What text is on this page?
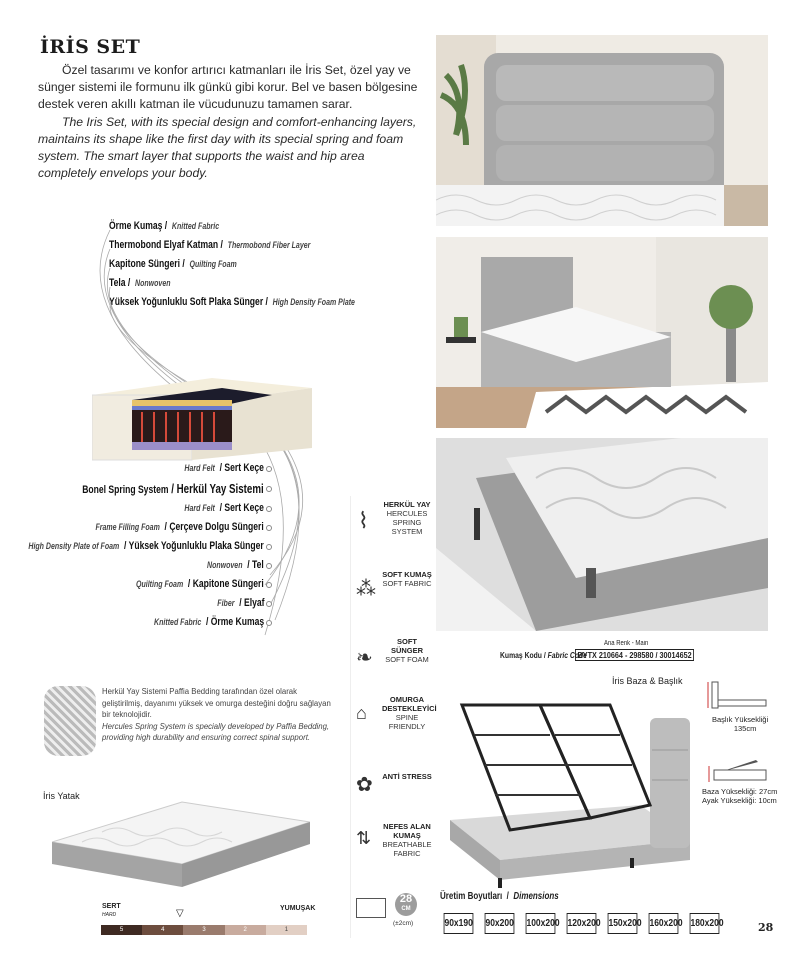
İRİS SET

Özel tasarımı ve konfor artırıcı katmanları ile İris Set, özel yay ve sünger sistemi ile formunu ilk günkü gibi korur. Bel ve basen bölgesine destek veren akıllı katman ile vücudunuzu tamamen sarar.

The Iris Set, with its special design and comfort-enhancing layers, maintains its shape like the first day with its special spring and foam system. The smart layer that supports the waist and hip area completely envelops your body.

Örme Kumaş / Knitted Fabric
Thermobond Elyaf Katman / Thermobond Fiber Layer
Kapitone Süngeri / Quilting Foam
Tela / Nonwoven
Yüksek Yoğunluklu Soft Plaka Sünger / High Density Foam Plate
Hard Felt / Sert Keçe
Bonel Spring System / Herkül Yay Sistemi
Hard Felt / Sert Keçe
Frame Filling Foam / Çerçeve Dolgu Süngeri
High Density Plate of Foam / Yüksek Yoğunluklu Plaka Sünger
Nonwoven / Tel
Quilting Foam / Kapitone Süngeri
Fiber / Elyaf
Knitted Fabric / Örme Kumaş
Herkül Yay Sistemi Paffia Bedding tarafından özel olarak geliştirilmiş, dayanımı yüksek ve omurga desteğini doğru sağlayan bir teknolojidir.
Hercules Spring System is specially developed by Paffia Bedding, providing high durability and ensuring correct spinal support.
İris Yatak
SERT
HARD
YUMUŞAK
▽
5	4	3	2	1
⌇
HERKÜL YAY
HERCULES SPRING SYSTEM
⁂
SOFT KUMAŞ
SOFT FABRIC
❧
SOFT SÜNGER
SOFT FOAM
⌂
OMURGA DESTEKLEYİCİ
SPINE FRIENDLY
✿ ANTİ STRESS
⇅
NEFES ALAN KUMAŞ
BREATHABLE FABRIC
28
CM
(±2cm)
Ana Renk - Main
Kumaş Kodu / Fabric Code
BYTX 210664 - 298580 / 30014652
İris Baza & Başlık
Başlık Yüksekliği
135cm
Baza Yüksekliği: 27cm
Ayak Yüksekliği: 10cm
Üretim Boyutları  /  Dimensions
90x190 90x200 100x200 120x200 150x200 160x200 180x200	28
